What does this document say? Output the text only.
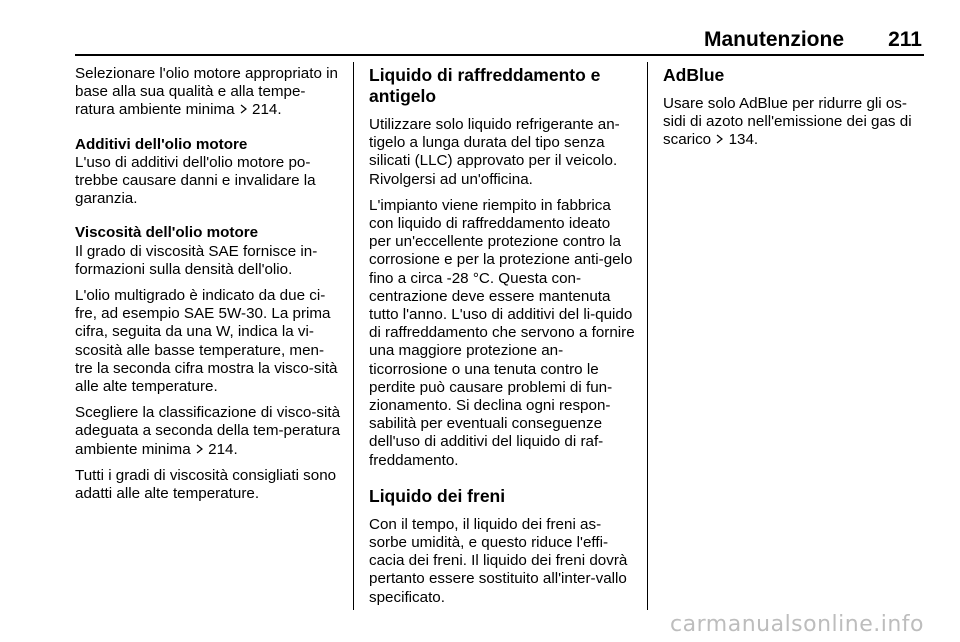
Manutenzione 211

Selezionare l'olio motore appropriato in base alla sua qualità e alla tempe-ratura ambiente minima 214.

Additivi dell'olio motore

L'uso di additivi dell'olio motore po-trebbe causare danni e invalidare la garanzia.

Viscosità dell'olio motore

Il grado di viscosità SAE fornisce in-formazioni sulla densità dell'olio.

L'olio multigrado è indicato da due ci-fre, ad esempio SAE 5W-30. La prima cifra, seguita da una W, indica la vi-scosità alle basse temperature, men-tre la seconda cifra mostra la visco-sità alle alte temperature.

Scegliere la classificazione di visco-sità adeguata a seconda della tem-peratura ambiente minima 214.

Tutti i gradi di viscosità consigliati sono adatti alle alte temperature.

Liquido di raffreddamento e antigelo

Utilizzare solo liquido refrigerante an-tigelo a lunga durata del tipo senza silicati (LLC) approvato per il veicolo. Rivolgersi ad un'officina.

L'impianto viene riempito in fabbrica con liquido di raffreddamento ideato per un'eccellente protezione contro la corrosione e per la protezione anti-gelo fino a circa -28 °C. Questa con-centrazione deve essere mantenuta tutto l'anno. L'uso di additivi del li-quido di raffreddamento che servono a fornire una maggiore protezione an-ticorrosione o una tenuta contro le perdite può causare problemi di fun-zionamento. Si declina ogni respon-sabilità per eventuali conseguenze dell'uso di additivi del liquido di raf-freddamento.

Liquido dei freni

Con il tempo, il liquido dei freni as-sorbe umidità, e questo riduce l'effi-cacia dei freni. Il liquido dei freni dovrà pertanto essere sostituito all'inter-vallo specificato.

AdBlue

Usare solo AdBlue per ridurre gli os-sidi di azoto nell'emissione dei gas di scarico 134.

carmanualsonline.info
